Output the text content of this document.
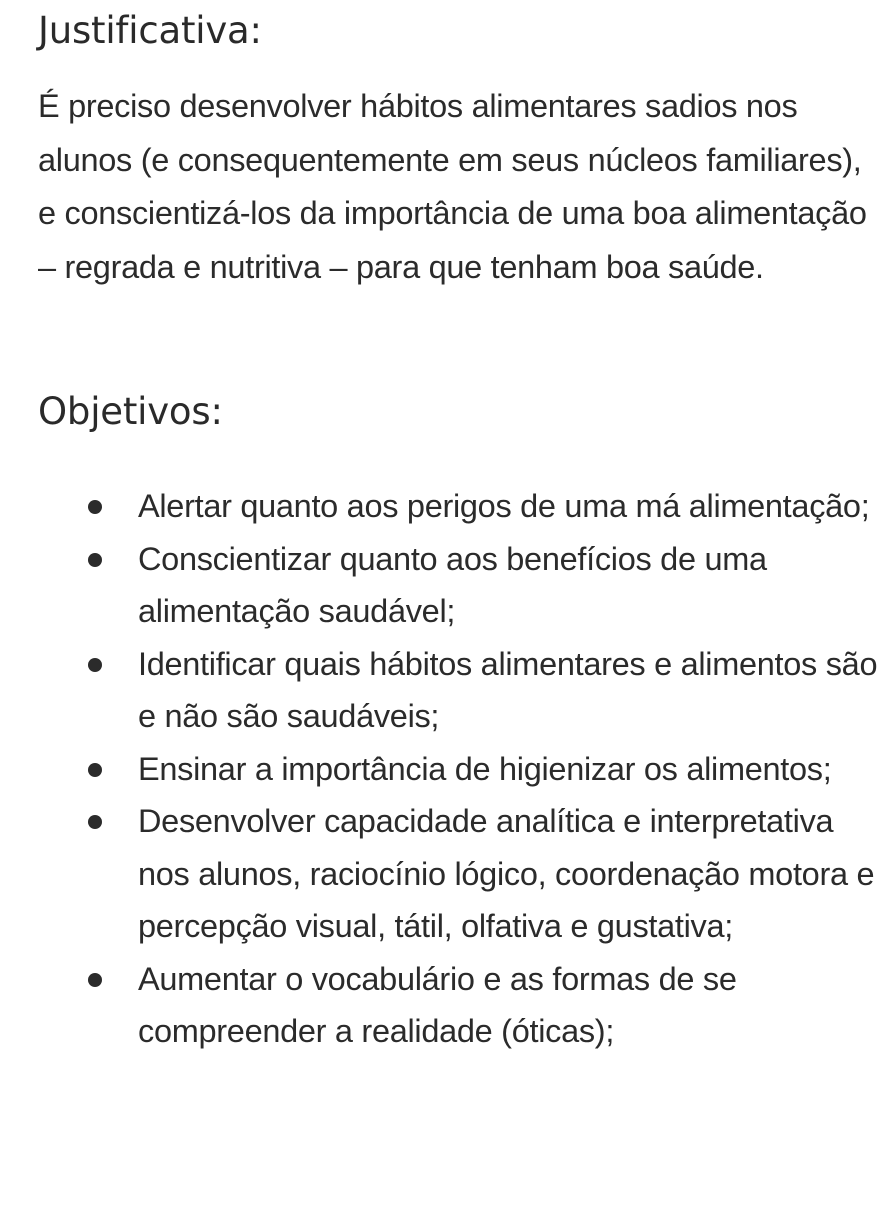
Justificativa:

É preciso desenvolver hábitos alimentares sadios nos alunos (e consequentemente em seus núcleos familiares), e conscientizá-los da importância de uma boa alimentação – regrada e nutritiva – para que tenham boa saúde.

Objetivos:
Alertar quanto aos perigos de uma má alimentação;
Conscientizar quanto aos benefícios de uma alimentação saudável;
Identificar quais hábitos alimentares e alimentos são e não são saudáveis;
Ensinar a importância de higienizar os alimentos;
Desenvolver capacidade analítica e interpretativa nos alunos, raciocínio lógico, coordenação motora e percepção visual, tátil, olfativa e gustativa;
Aumentar o vocabulário e as formas de se compreender a realidade (óticas);
